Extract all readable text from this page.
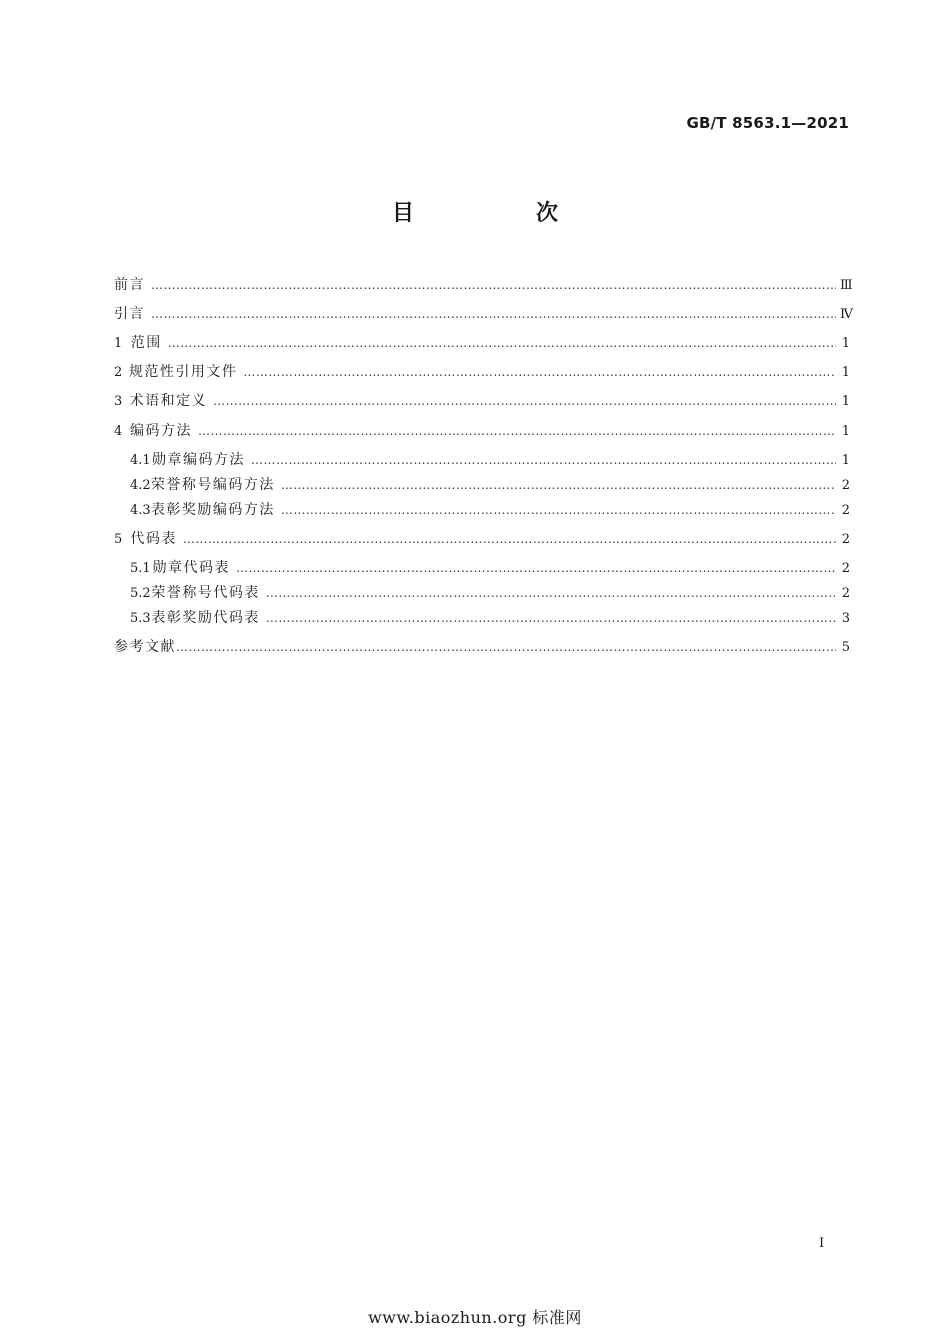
GB/T 8563.1—2021
目　次
前言 ……………………………………………………………………………………………………………………………………………………………………………………………………………………………	Ⅲ
引言 ……………………………………………………………………………………………………………………………………………………………………………………………………………………………	Ⅳ
1 范围 ……………………………………………………………………………………………………………………………………………………………………………………………………………………………	1
2 规范性引用文件 ……………………………………………………………………………………………………………………………………………………………………………………………………………………………	1
3 术语和定义 ……………………………………………………………………………………………………………………………………………………………………………………………………………………………	1
4 编码方法 ……………………………………………………………………………………………………………………………………………………………………………………………………………………………	1
4.1 勋章编码方法 ……………………………………………………………………………………………………………………………………………………………………………………………………………………………	1
4.2 荣誉称号编码方法 ……………………………………………………………………………………………………………………………………………………………………………………………………………………………	2
4.3 表彰奖励编码方法 ……………………………………………………………………………………………………………………………………………………………………………………………………………………………	2
5 代码表 ……………………………………………………………………………………………………………………………………………………………………………………………………………………………	2
5.1 勋章代码表 ……………………………………………………………………………………………………………………………………………………………………………………………………………………………	2
5.2 荣誉称号代码表 ……………………………………………………………………………………………………………………………………………………………………………………………………………………………	2
5.3 表彰奖励代码表 ……………………………………………………………………………………………………………………………………………………………………………………………………………………………	3
参考文献 ……………………………………………………………………………………………………………………………………………………………………………………………………………………………	5
Ⅰ
www.biaozhun.org 标准网
